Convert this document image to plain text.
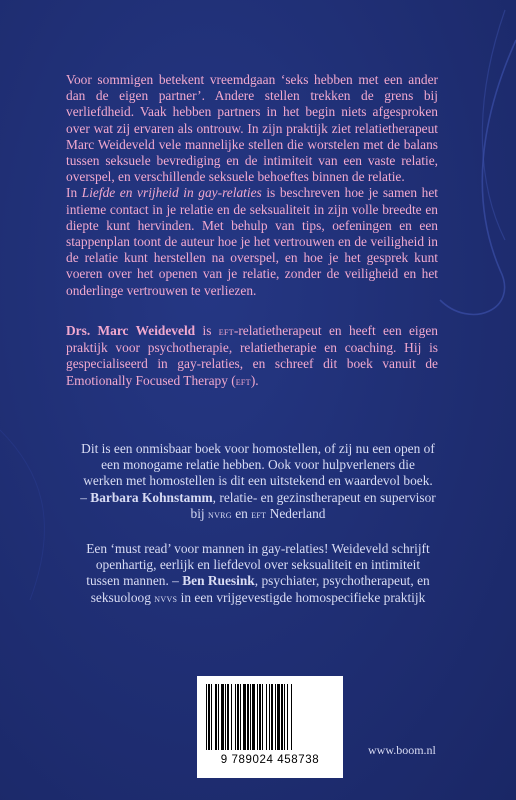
Voor sommigen betekent vreemdgaan ‘seks hebben met een ander dan de eigen partner’. Andere stellen trekken de grens bij verliefdheid. Vaak hebben partners in het begin niets afgesproken over wat zij ervaren als ontrouw. In zijn praktijk ziet relatietherapeut Marc Weideveld vele mannelijke stellen die worstelen met de balans tussen seksuele bevrediging en de intimiteit van een vaste relatie, overspel, en verschillende seksuele behoeftes binnen de relatie.

In Liefde en vrijheid in gay-relaties is beschreven hoe je samen het intieme contact in je relatie en de seksualiteit in zijn volle breedte en diepte kunt hervinden. Met behulp van tips, oefeningen en een stappenplan toont de auteur hoe je het vertrouwen en de veiligheid in de relatie kunt herstellen na overspel, en hoe je het gesprek kunt voeren over het openen van je relatie, zonder de veiligheid en het onderlinge vertrouwen te verliezen.

Drs. Marc Weideveld is eft-relatietherapeut en heeft een eigen praktijk voor psychotherapie, relatietherapie en coaching. Hij is gespecialiseerd in gay-relaties, en schreef dit boek vanuit de Emotionally Focused Therapy (eft).
Dit is een onmisbaar boek voor homostellen, of zij nu een open of een monogame relatie hebben. Ook voor hulpverleners die werken met homostellen is dit een uitstekend en waardevol boek. – Barbara Kohnstamm, relatie- en gezinstherapeut en supervisor bij nvrg en eft Nederland
Een ‘must read’ voor mannen in gay-relaties! Weideveld schrijft openhartig, eerlijk en liefdevol over seksualiteit en intimiteit tussen mannen. – Ben Ruesink, psychiater, psychotherapeut, en seksuoloog nvvs in een vrijgevestigde homospecifieke praktijk
9 789024 458738
www.boom.nl
